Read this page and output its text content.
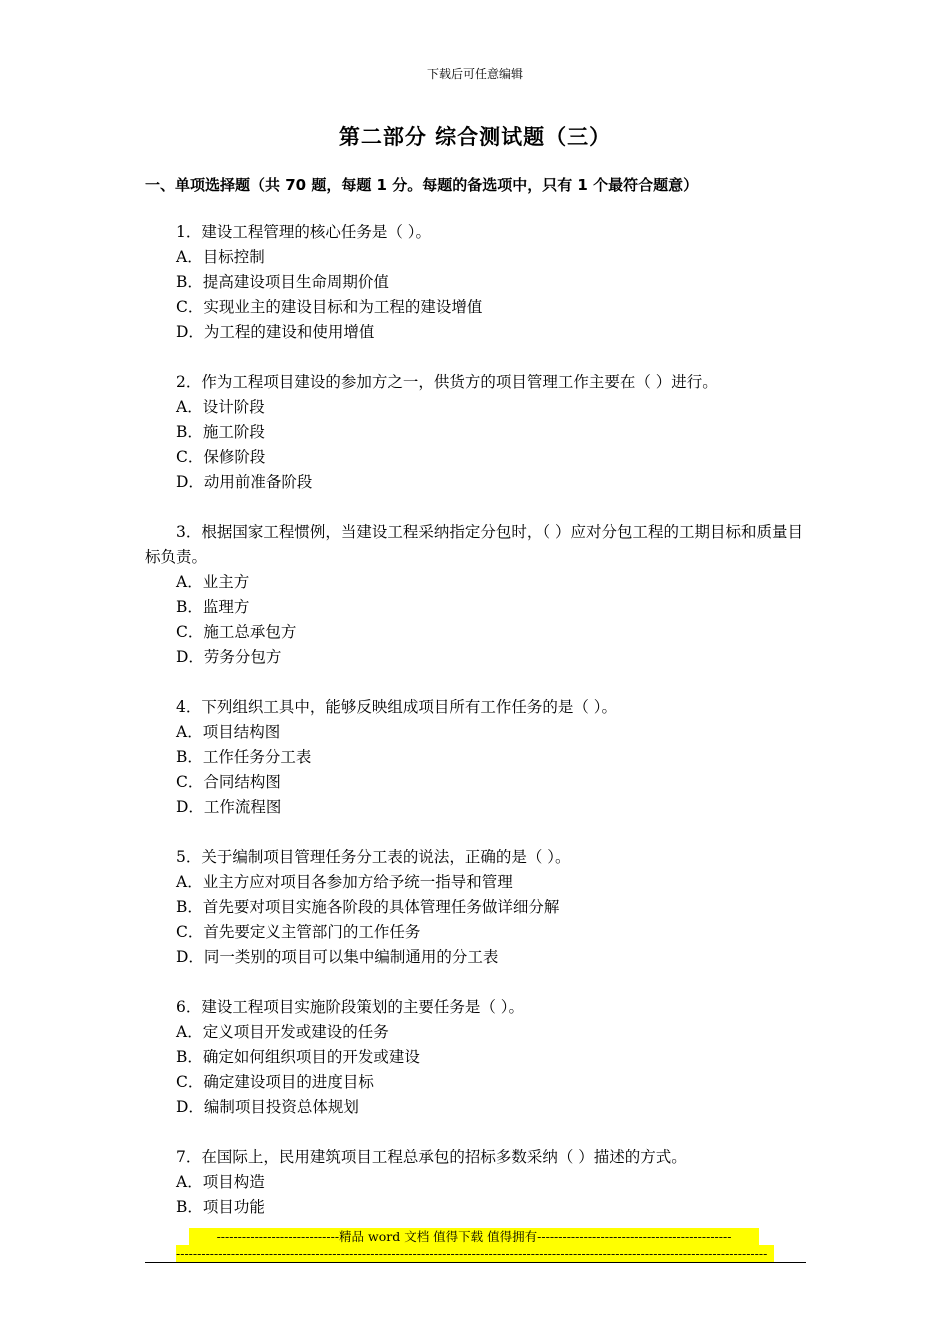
下载后可任意编辑
第二部分 综合测试题（三）
一、单项选择题（共 70 题，每题 1 分。每题的备选项中，只有 1 个最符合题意）
1．建设工程管理的核心任务是（ ）。
A．目标控制
B．提高建设项目生命周期价值
C．实现业主的建设目标和为工程的建设增值
D．为工程的建设和使用增值
2．作为工程项目建设的参加方之一，供货方的项目管理工作主要在（ ）进行。
A．设计阶段
B．施工阶段
C．保修阶段
D．动用前准备阶段
3．根据国家工程惯例，当建设工程采纳指定分包时，（ ）应对分包工程的工期目标和质量目标负责。
A．业主方
B．监理方
C．施工总承包方
D．劳务分包方
4．下列组织工具中，能够反映组成项目所有工作任务的是（ ）。
A．项目结构图
B．工作任务分工表
C．合同结构图
D．工作流程图
5．关于编制项目管理任务分工表的说法，正确的是（ ）。
A．业主方应对项目各参加方给予统一指导和管理
B．首先要对项目实施各阶段的具体管理任务做详细分解
C．首先要定义主管部门的工作任务
D．同一类别的项目可以集中编制通用的分工表
6．建设工程项目实施阶段策划的主要任务是（ ）。
A．定义项目开发或建设的任务
B．确定如何组织项目的开发或建设
C．确定建设项目的进度目标
D．编制项目投资总体规划
7．在国际上，民用建筑项目工程总承包的招标多数采纳（ ）描述的方式。
A．项目构造
B．项目功能
-----------------------------精品 word 文档 值得下载 值得拥有----------------------------------------------
--------------------------------------------------------------------------------------------------------------------------------------------
